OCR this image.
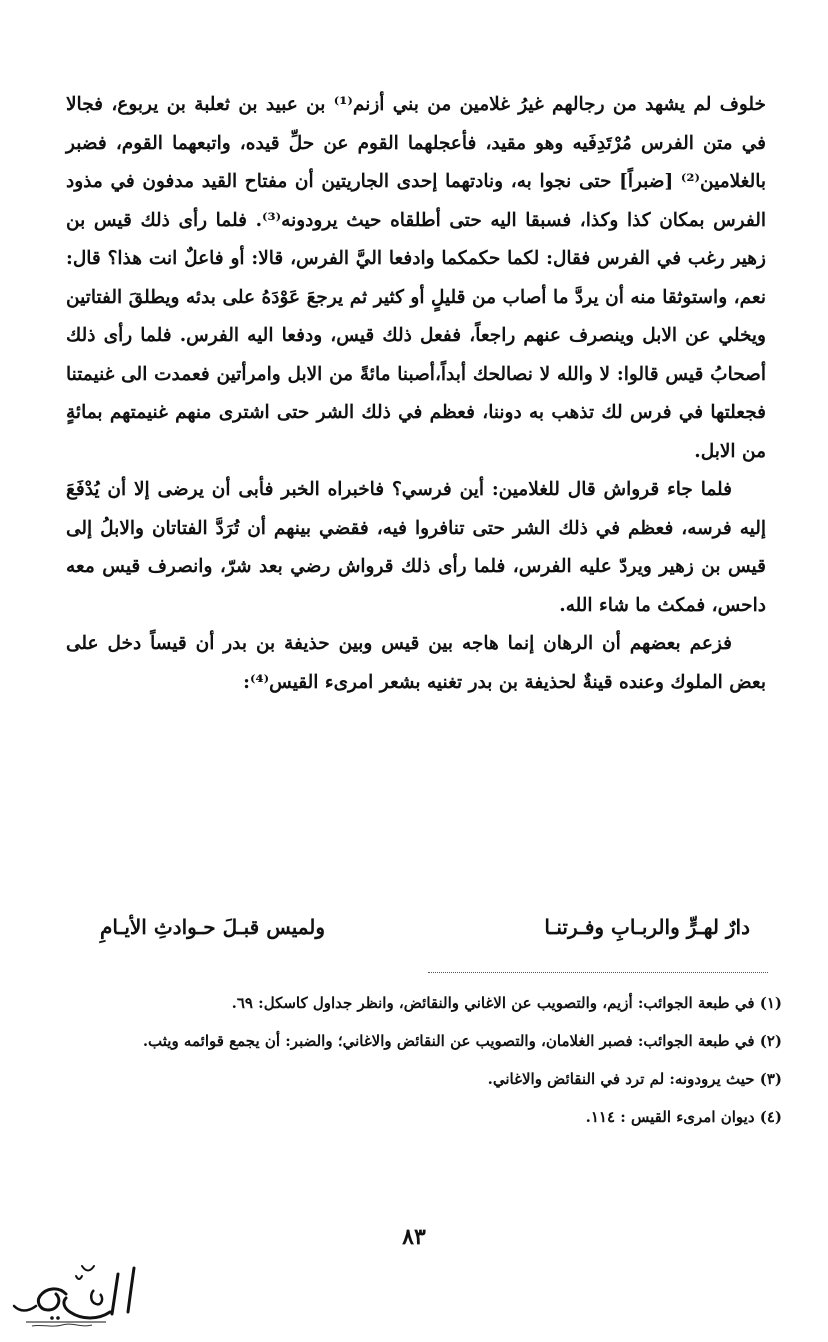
خلوف لم يشهد من رجالهم غيرُ غلامين من بني أزنم⁽¹⁾ بن عبيد بن ثعلبة بن يربوع، فجالا في متن الفرس مُرْتَدِفَيه وهو مقيد، فأعجلهما القوم عن حلِّ قيده، واتبعهما القوم، فضبر بالغلامين⁽²⁾ [ضبراً] حتى نجوا به، ونادتهما إحدى الجاريتين أن مفتاح القيد مدفون في مذود الفرس بمكان كذا وكذا، فسبقا اليه حتى أطلقاه حيث يرودونه⁽³⁾. فلما رأى ذلك قيس بن زهير رغب في الفرس فقال: لكما حكمكما وادفعا اليَّ الفرس، قالا: أو فاعلٌ انت هذا؟ قال: نعم، واستوثقا منه أن يردَّ ما أصاب من قليلٍ أو كثير ثم يرجعَ عَوْدَهُ على بدئه ويطلقَ الفتاتين ويخلي عن الابل وينصرف عنهم راجعاً، ففعل ذلك قيس، ودفعا اليه الفرس. فلما رأى ذلك أصحابُ قيس قالوا: لا والله لا نصالحك أبداً،أصبنا مائةً من الابل وامرأتين فعمدت الى غنيمتنا فجعلتها في فرس لك تذهب به دوننا، فعظم في ذلك الشر حتى اشترى منهم غنيمتهم بمائةٍ من الابل.

فلما جاء قرواش قال للغلامين: أين فرسي؟ فاخبراه الخبر فأبى أن يرضى إلا أن يُدْفَعَ إليه فرسه، فعظم في ذلك الشر حتى تنافروا فيه، فقضي بينهم أن تُرَدَّ الفتاتان والابلُ إلى قيس بن زهير ويردّ عليه الفرس، فلما رأى ذلك قرواش رضي بعد شرّ، وانصرف قيس معه داحس، فمكث ما شاء الله.

فزعم بعضهم أن الرهان إنما هاجه بين قيس وبين حذيفة بن بدر أن قيساً دخل على بعض الملوك وعنده قينةٌ لحذيفة بن بدر تغنيه بشعر امرىء القيس⁽⁴⁾:

دارٌ لهـرٍّ والربـابِ وفـرتنـا
ولميس قبـلَ حـوادثِ الأيـامِ

(١) في طبعة الجوائب: أزيم، والتصويب عن الاغاني والنقائض، وانظر جداول كاسكل: ٦٩.

(٢) في طبعة الجوائب: فصبر الغلامان، والتصويب عن النقائض والاغاني؛ والضبر: أن يجمع قوائمه ويثب.

(٣) حيث يرودونه: لم ترد في النقائض والاغاني.

(٤) ديوان امرىء القيس : ١١٤.

٨٣
